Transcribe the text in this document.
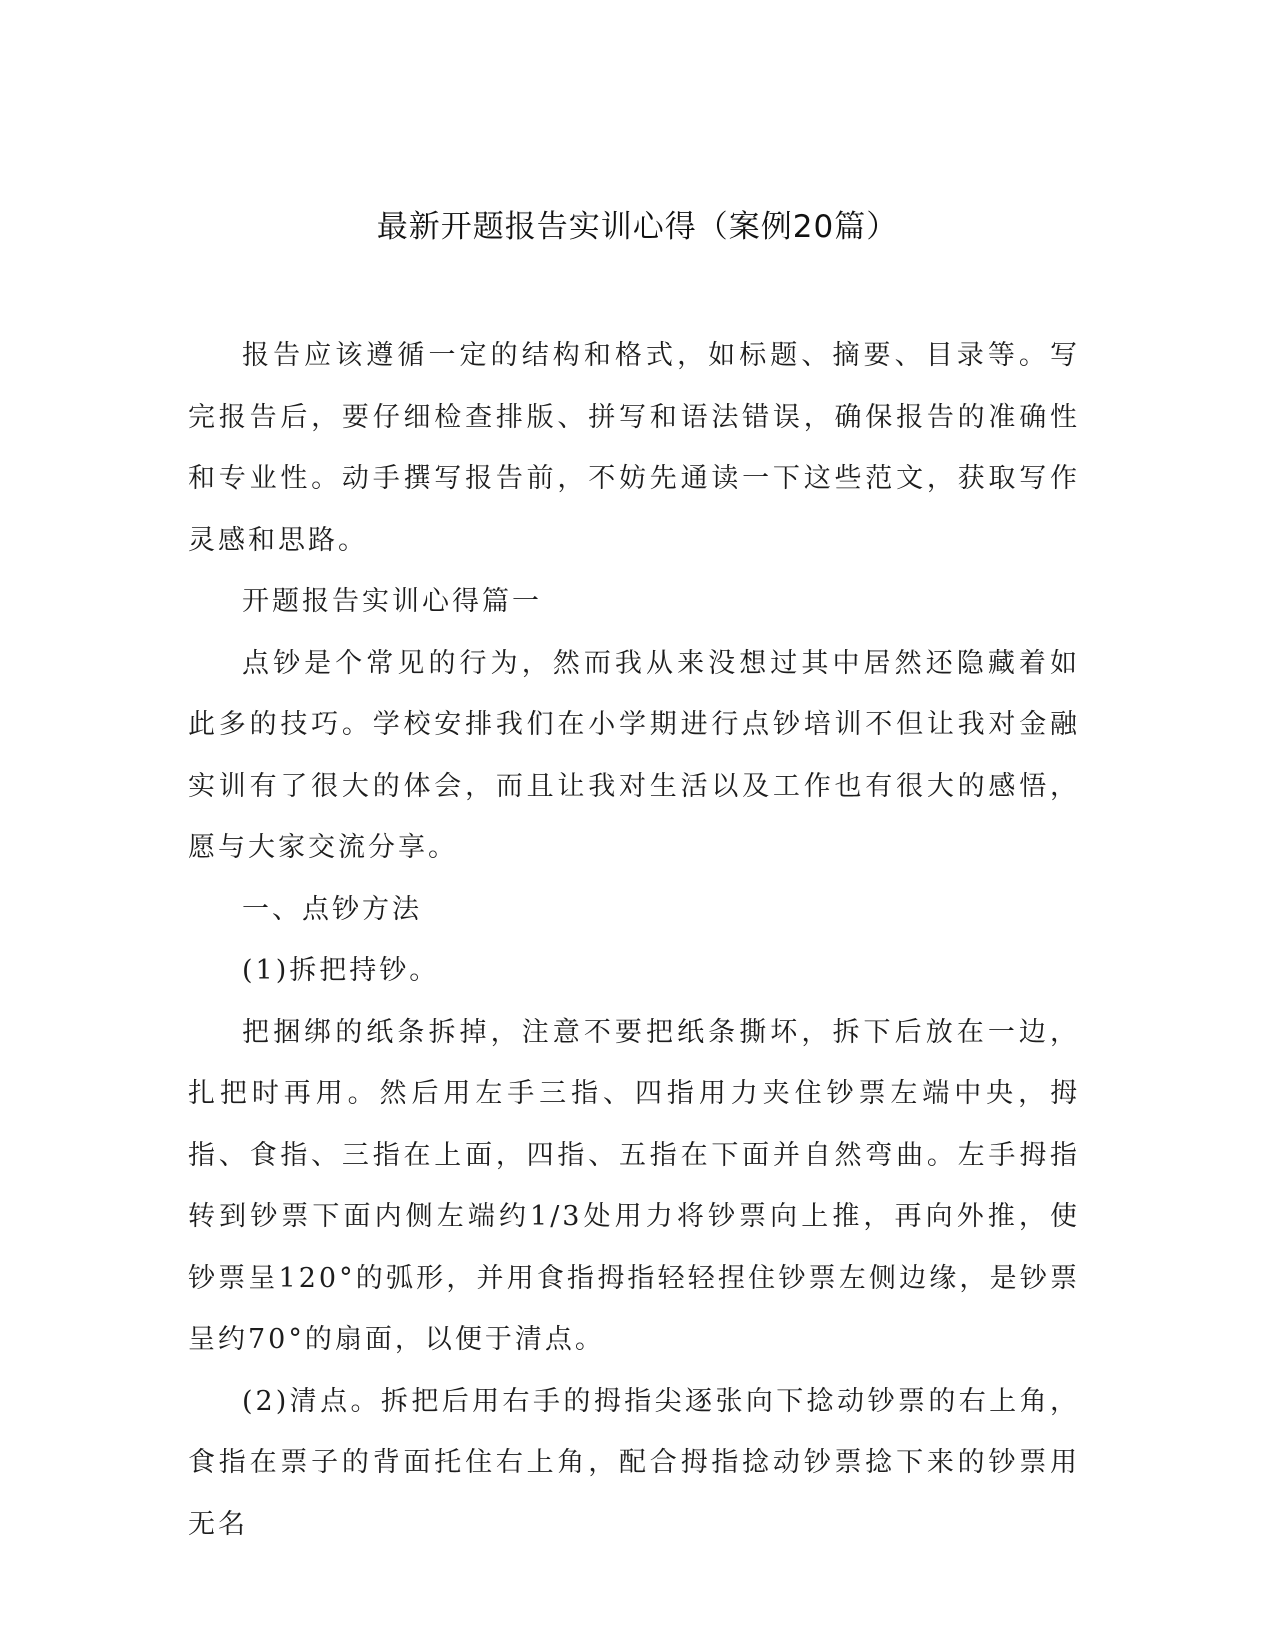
最新开题报告实训心得（案例20篇）

报告应该遵循一定的结构和格式，如标题、摘要、目录等。写完报告后，要仔细检查排版、拼写和语法错误，确保报告的准确性和专业性。动手撰写报告前，不妨先通读一下这些范文，获取写作灵感和思路。

开题报告实训心得篇一

点钞是个常见的行为，然而我从来没想过其中居然还隐藏着如此多的技巧。学校安排我们在小学期进行点钞培训不但让我对金融实训有了很大的体会，而且让我对生活以及工作也有很大的感悟，愿与大家交流分享。

一、点钞方法

(1)拆把持钞。

把捆绑的纸条拆掉，注意不要把纸条撕坏，拆下后放在一边，扎把时再用。然后用左手三指、四指用力夹住钞票左端中央，拇指、食指、三指在上面，四指、五指在下面并自然弯曲。左手拇指转到钞票下面内侧左端约1/3处用力将钞票向上推，再向外推，使钞票呈120°的弧形，并用食指拇指轻轻捏住钞票左侧边缘，是钞票呈约70°的扇面，以便于清点。

(2)清点。拆把后用右手的拇指尖逐张向下捻动钞票的右上角，食指在票子的背面托住右上角，配合拇指捻动钞票捻下来的钞票用无名
